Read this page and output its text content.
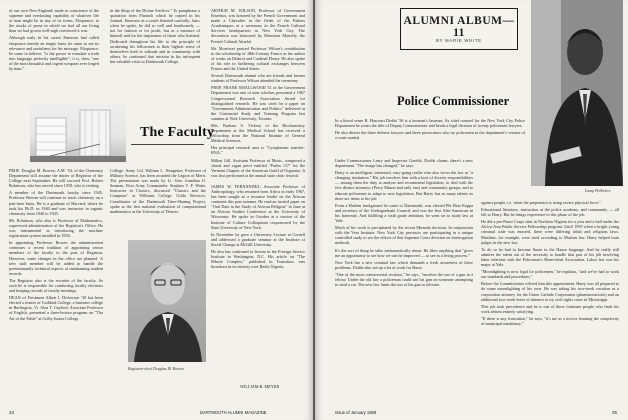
of our own New England; made to conscience of the supreme and everlasting capability of whatever life of man might be in any of its forms. Eloquence, to the stocks of prose in which we had all our living than we had grown well-nigh convinced it was.

Although early in his career Emerson had called eloquence merely an empty form, he came to see its relevance and usefulness for his message. Eloquence, he came to believe, "is the power to translate a truth into language perfectly intelligible"; it is, then, "one of the most beautiful and cogent weapons ever forged by man."

in the Shop of the Divine Artificer." To paraphrase a quotation from Plutarch which he copied in his Journal, Emerson as a youth listened carefully; later, when he spoke, he did so well and handsomely — not for fashion or for profit, but as a measure of himself and for the inspiration of those who listened. Dedicated throughout his life to the principle of awakening his fellowmen to their highest sense of themselves both in solitude and in community with others, he continued that mission in his infrequent but valuable visits to Dartmouth College.

ARTHUR M. WILSON, Professor of Government Emeritus, was honored by the French Government and made a Chevalier in the Order of the Palmes Academiques at a ceremony in the French Cultural Services headquarters in New York City. The decoration was bestowed by Monsieur Martelly, the French Cultural Attaché.

Mr. Morrisset praised Professor Wilson's contribution to the scholarship of 18th-Century France as the author of works on Diderot and Cardinal Fleury. He also spoke of his role in furthering cultural exchanges between France and the United States.

Several Dartmouth alumni who are friends and former students of Professor Wilson attended the ceremony.

PROF. FRANK SMALLWOOD '51 of the Government Department was one of nine scholars presented a 1967 Congressional Research Association Award for distinguished research. He was cited for a paper on "Government Administration and Politics" delivered at the Centennial Study and Training Program last summer at York University, Toronto.

Mrs. Barbara S. Vickery of the Biochemistry Department at the Medical School has received a fellowship from the National Institute of General Medical Sciences.

Her principal research area is "Cytoplasmic transfer-RNA."

Milton Gill, Assistant Professor of Music, composed a choral and organ piece entitled "Psalm 137" for the Vermont Chapter of the American Guild of Organists. It was first performed at the annual state choir festival.

JAMES W. FERNANDEZ, Associate Professor of Anthropology, who returned from Africa in early 1967, has been sought as a resource leader on the African continent this past summer. He read an invited paper on "Oral Data in the Study of African Religion" in June at an African Studies Conference at the University of Wisconsin. He spoke in October at a session of the Institute of Culture Colloquium cosponsored by the State University of New York.

In November he gave a University Lecture at Cornell and addressed a graduate seminar at the Institute of Social Change at McGill University.

He also has continued to lecture in the Foreign Service Institute in Washington, D.C. His article on "The Mbwie Complex," published in Transition, was broadcast in its entirety over Radio Nigeria.

The Faculty

PROF. Douglas M. Bowen, A.M. '54, of the Chemistry Department will assume the duties of Registrar of the College next September. He will succeed Prof. Robert Robinson, who has served since 1958, who is retiring.

A member of the Dartmouth faculty since 1945, Professor Bowen will continue to teach chemistry on a part-time basis. He is a graduate of Harvard, where he took his Ph.D. in 1940 and was instructor in organic chemistry from 1940 to 1945.

Mr. Robinson, who also is Professor of Mathematics, supervised administration of the Registrar's Office. He was instrumental in introducing the machine registration system installed in 1956.

In appointing Professor Bowen the administration continues a recent tradition of appointing senior members of the faculty to the post of Registrar. However, some changes in the office are planned. A new staff member will be added to handle the predominantly technical aspects of maintaining student records.

The Registrar also is the recorder of the faculty. As such he is responsible for conducting faculty elections and keeping records of faculty meetings.

DEAN of Freshmen Albert I. Dickerson '30 has been elected a trustee of Goddard College, a business college in Burlington, Vt. Alan T. Gaylord, Associate Professor of English, presented a three-lecture program on "The Art of the Fable" at Colby Junior College.

College. Army Col. William L. Nungester, Professor of Military Science, has been awarded the Legion of Merit. The presentation was made by Lt. Gen. Jonathan O. Seaman, First Army Commander. Stephen V. F. Waite, Instructor in Classics, discussed "Classics and the Computer" at Williams College. Gilda Nervicov, Coordinator of the Dartmouth Time-Sharing Project, spoke at the first national evaluation of computational mathematics at the University of Denver.

Registrar-elect Douglas M. Bowen
WILLIAM R. MEYER
24	DARTMOUTH ALUMNI MAGAZINE
Lamp Pelletiers
ALUMNI ALBUM—11
BY MARIE WHITE
Police Commissioner

In a literal sense R. Harcourt Dodds '56 is a lawman's lawman. As chief counsel for the New York City Police Department he wears the title of Deputy Commissioner and heads a legal division of twenty policemen lawyers.

He also directs the three defense lawyers and three prosecutors who try policemen in the department's version of a court martial.

Under Commissioner Leary and Inspector Garelik, Dodds claims, there's a new department. "The image has changed," he says.

Harry is an intelligent, interested, easy-going realist who also views the law as "a changing institution." His job involves him with a host of diverse responsibilities — among them the duty to analyze and recommend legislation, to deal with the five district attorneys (Percy Mason had only one) and community groups, and to educate policemen to adapt to new legislation. But Harry has as many talents as there are items to his job.

From a Harlem background he came to Dartmouth, was elected Phi Beta Kappa and secretary of the Undergraduate Council, and was the first Afro-American in his fraternity. And fulfilling a sixth grade ambition, he went on to study law at Yale.

Much of his work is precipitated by the recent Miranda decision. In conjunction with the Vera Institute, New York City precincts are participating in a unique controlled study to see the effects of that Supreme Court decision on interrogation methods.

It's the sort of thing he talks enthusiastically about. He likes anything that "gives me an opportunity to see how we can be improved — to see in a living process."

New York has a new criminal law which demands a fresh awareness of these problems. Dodds also set-up a lot of work for Harry.

"One of the most controversial sections," he says, "involves the use of a gun in a felony. Under the old law a policeman could use his gun on someone attempting to steal a car. The new law limits the use of his gun to felonies

against people, i.e. when the perpetrator is using severe physical force."

Educational literature, instruction at the police academy, and community — all fall to Harry. But he brings experience to this phase of the job.

He did a pre-Peace Corps stint in Northern Nigeria for a year and a half under the Africa-Asia Public Service Fellowship program. Until 1959 when a bright young criminal code was enacted, there were differing tribal and religious laws. Muslims, for example, were tried according to Muslim law. Harry helped train judges in the new law.

To do so he had to become fluent in the Hausa language. And he really still admires the talent out of the necessity to handle that part of his job involving labor relations with the Policemen's Benevolent Association. Labor law was his major at Yale.

"Moonlighting is now legal for policemen," he explains, "and we've had to work out standards and procedures."

Before the Commissioner offered him this appointment, Harry was all prepared to do some moonlighting of his own. He was taking his two-week vacation as a corporation attorney for the Union Carbide Corporation (pharmaceuticals) and an additional two-week leave of absence to try civil rights cases in Mississippi.

This job took precedence and he is one of those fortunate people who finds his work almost entirely satisfying.

"If there is any frustration," he says, "it's me as a novice learning the complexity of municipal machinery."

Issue of January 1968	25
